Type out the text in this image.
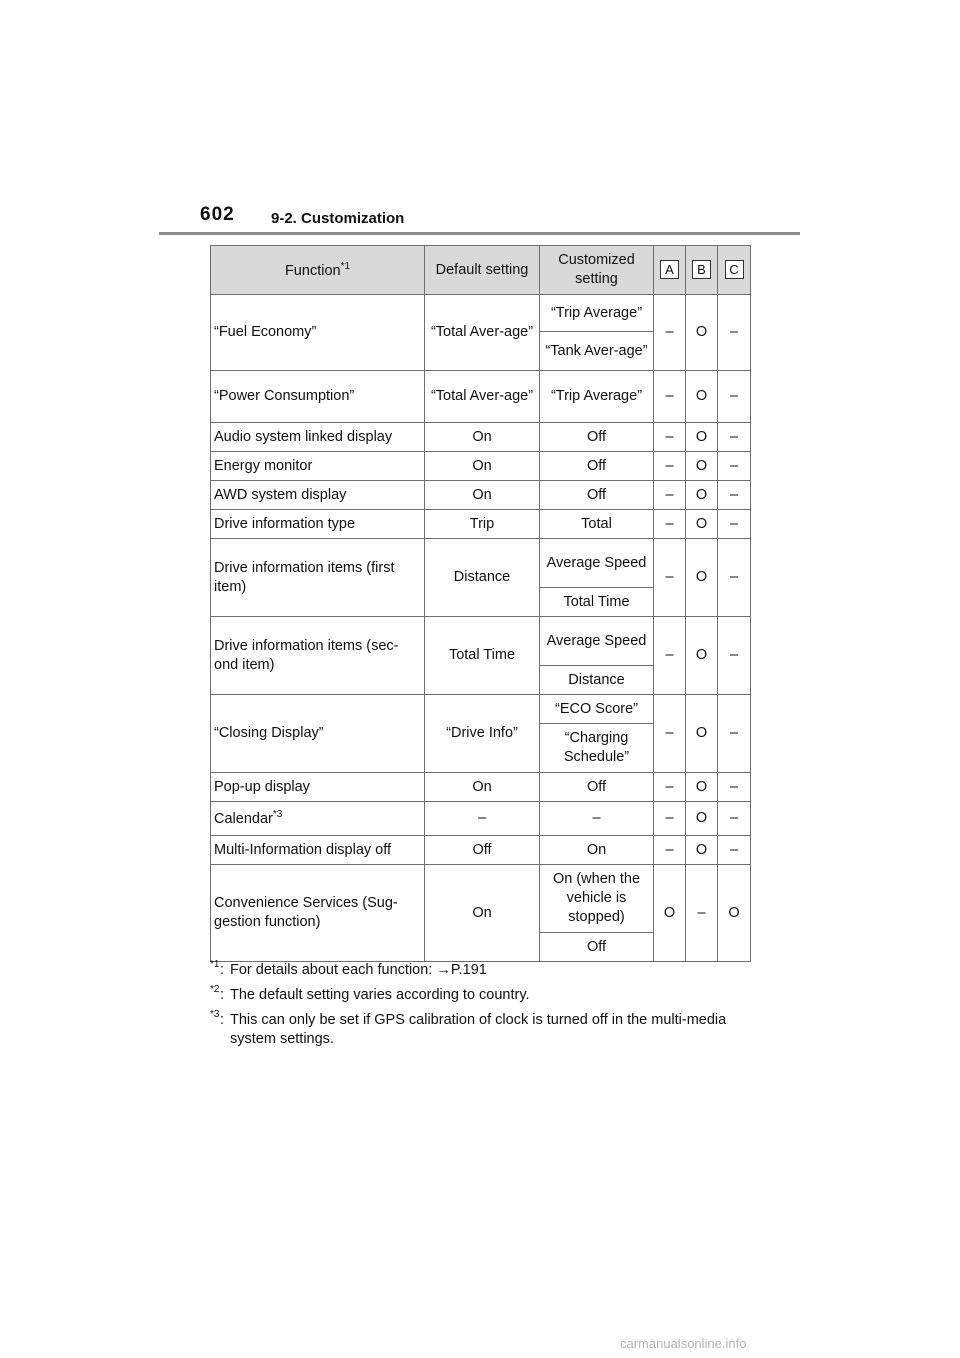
602 9-2. Customization
Function$^{*1}$	Default setting	Customized setting	A	B	C
“Fuel Economy”	“Total Aver-age”	“Trip Average”	–	O	–
		“Tank Aver-age”			
“Power Consumption”	“Total Aver-age”	“Trip Average”	–	O	–
Audio system linked display	On	Off	–	O	–
Energy monitor	On	Off	–	O	–
AWD system display	On	Off	–	O	–
Drive information type	Trip	Total	–	O	–
Drive information items (first item)	Distance	Average Speed	–	O	–
		Total Time			
Drive information items (sec-ond item)	Total Time	Average Speed	–	O	–
		Distance			
“Closing Display”	“Drive Info”	“ECO Score”	–	O	–
		“Charging Schedule”			
Pop-up display	On	Off	–	O	–
Calendar$^{*3}$	–	–	–	O	–
Multi-Information display off	Off	On	–	O	–
Convenience Services (Sug-gestion function)	On	On (when the vehicle is stopped)	O	–	O
		Off			
*1 : For details about each function: →P.191
*2 : The default setting varies according to country.
*3 : This can only be set if GPS calibration of clock is turned off in the multi-media system settings.
carmanualsonline.info
